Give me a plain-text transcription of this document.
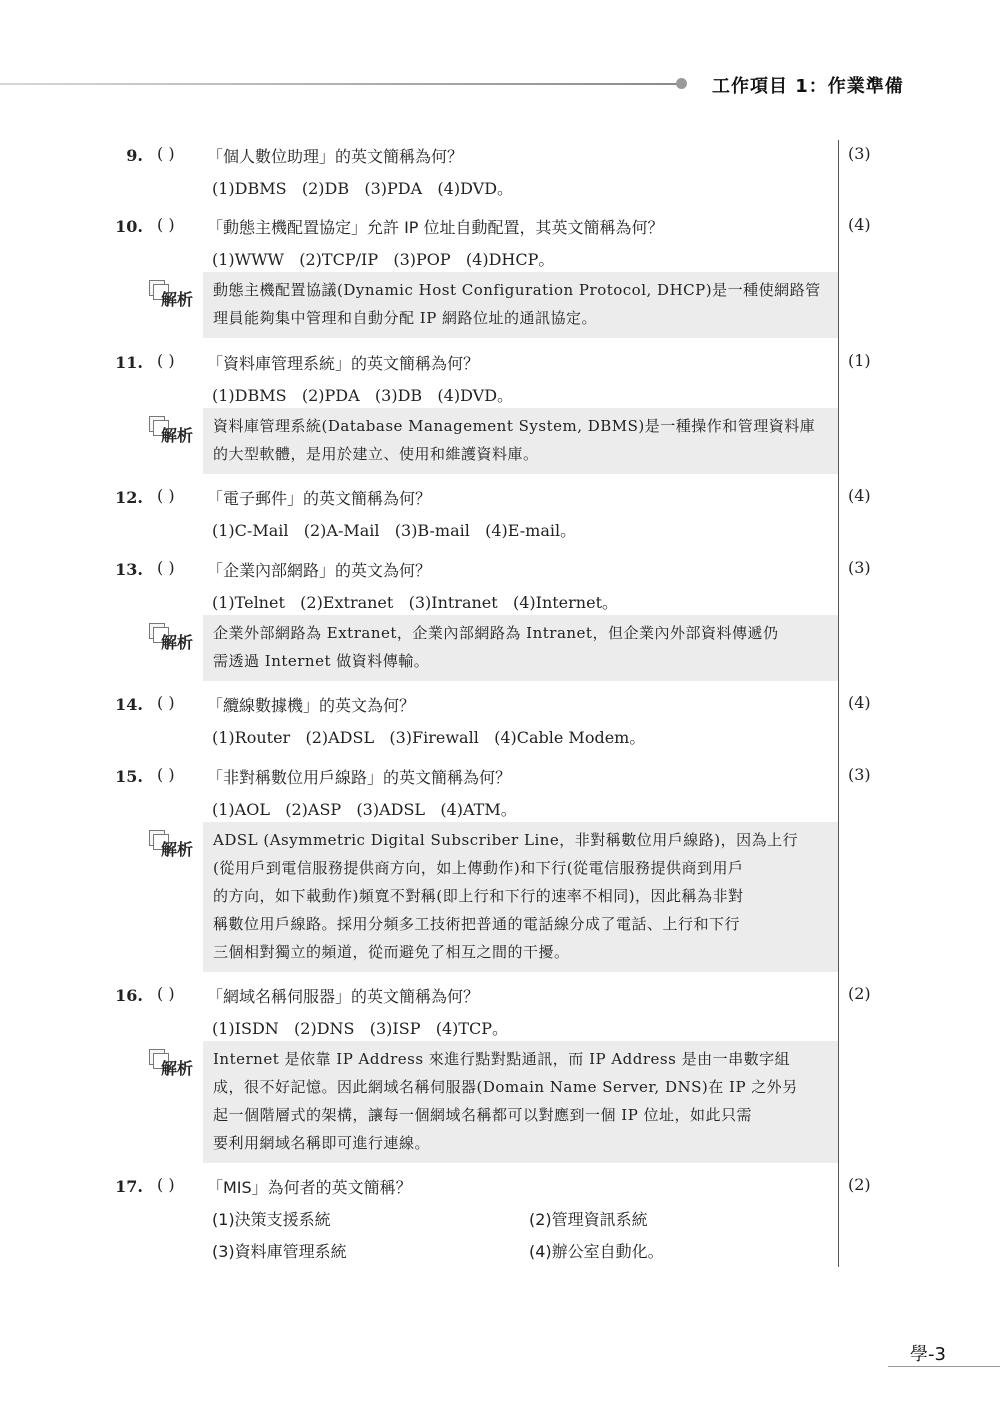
工作項目 1：作業準備
9. ( ) 「個人數位助理」的英文簡稱為何？	(3)
(1)DBMS   (2)DB   (3)PDA   (4)DVD。
10. ( ) 「動態主機配置協定」允許 IP 位址自動配置，其英文簡稱為何？	(4)
(1)WWW   (2)TCP/IP   (3)POP   (4)DHCP。
動態主機配置協議(Dynamic Host Configuration Protocol, DHCP)是一種使網路管
理員能夠集中管理和自動分配 IP 網路位址的通訊協定。
解析
11. ( ) 「資料庫管理系統」的英文簡稱為何？	(1)
(1)DBMS   (2)PDA   (3)DB   (4)DVD。
資料庫管理系統(Database Management System, DBMS)是一種操作和管理資料庫
的大型軟體，是用於建立、使用和維護資料庫。
解析
12. ( ) 「電子郵件」的英文簡稱為何？	(4)
(1)C-Mail   (2)A-Mail   (3)B-mail   (4)E-mail。
13. ( ) 「企業內部網路」的英文為何？	(3)
(1)Telnet   (2)Extranet   (3)Intranet   (4)Internet。
企業外部網路為 Extranet，企業內部網路為 Intranet，但企業內外部資料傳遞仍
需透過 Internet 做資料傳輸。
解析
14. ( ) 「纜線數據機」的英文為何？	(4)
(1)Router   (2)ADSL   (3)Firewall   (4)Cable Modem。
15. ( ) 「非對稱數位用戶線路」的英文簡稱為何？	(3)
(1)AOL   (2)ASP   (3)ADSL   (4)ATM。
ADSL (Asymmetric Digital Subscriber Line，非對稱數位用戶線路)，因為上行
(從用戶到電信服務提供商方向，如上傳動作)和下行(從電信服務提供商到用戶
的方向，如下載動作)頻寬不對稱(即上行和下行的速率不相同)，因此稱為非對
稱數位用戶線路。採用分頻多工技術把普通的電話線分成了電話、上行和下行
三個相對獨立的頻道，從而避免了相互之間的干擾。
解析
16. ( ) 「網域名稱伺服器」的英文簡稱為何？	(2)
(1)ISDN   (2)DNS   (3)ISP   (4)TCP。
Internet 是依靠 IP Address 來進行點對點通訊，而 IP Address 是由一串數字組
成，很不好記憶。因此網域名稱伺服器(Domain Name Server, DNS)在 IP 之外另
起一個階層式的架構，讓每一個網域名稱都可以對應到一個 IP 位址，如此只需
要利用網域名稱即可進行連線。
解析
17. ( ) 「MIS」為何者的英文簡稱？	(2)
(1)決策支援系統	(2)管理資訊系統
(3)資料庫管理系統	(4)辦公室自動化。
學-3
